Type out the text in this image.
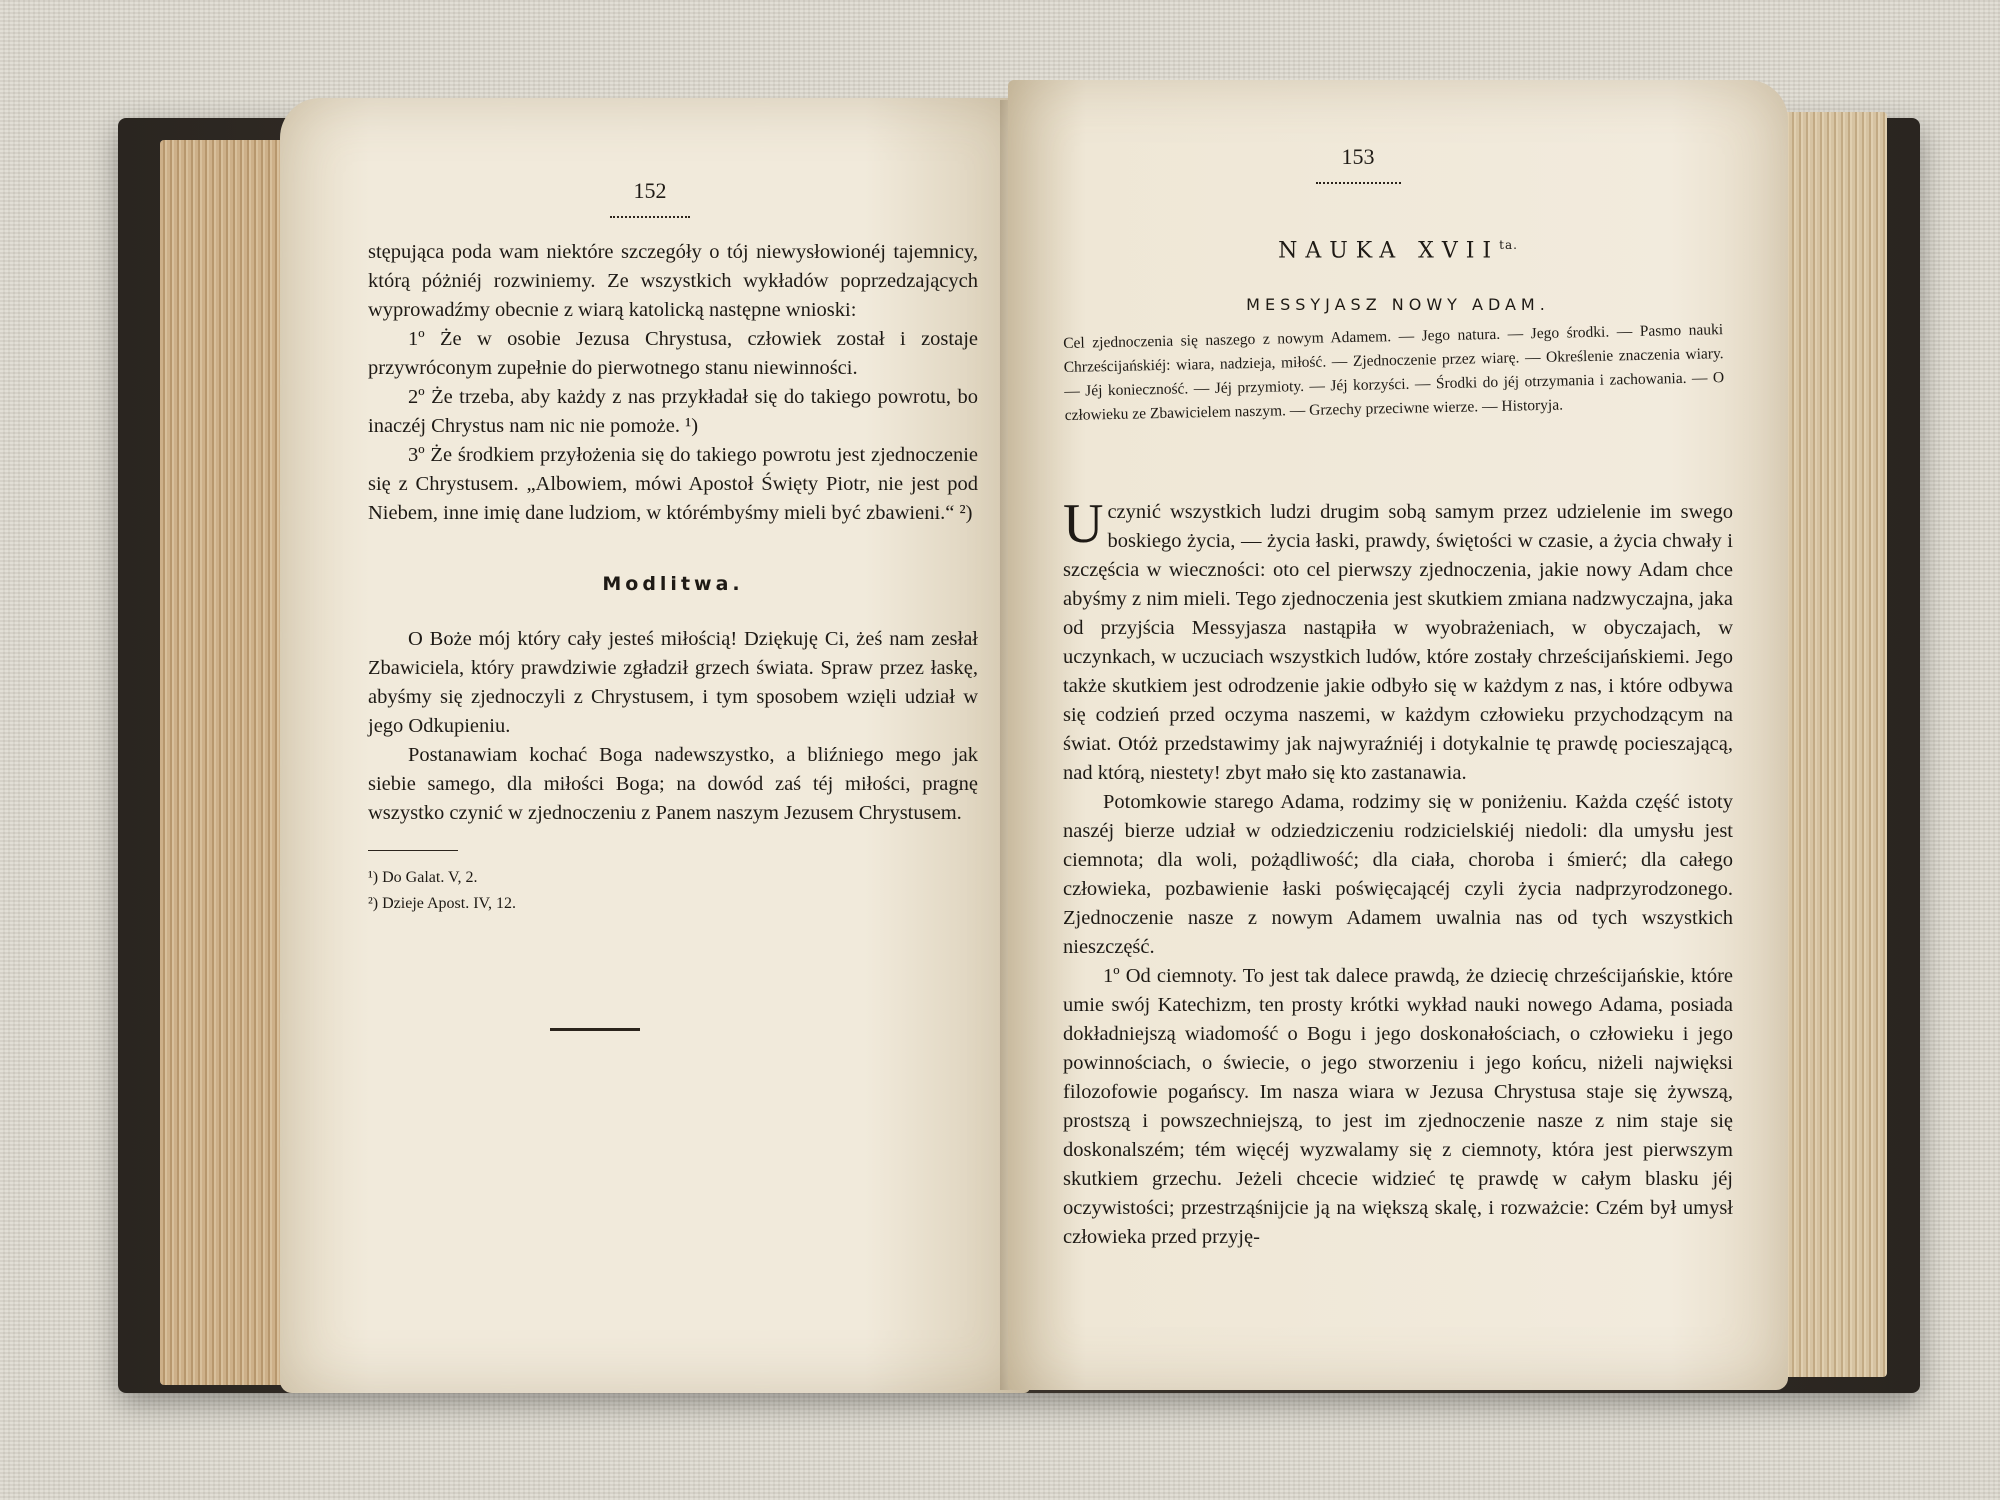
152

stępująca poda wam niektóre szczegóły o tój niewysłowionéj tajemnicy, którą póżniéj rozwiniemy. Ze wszystkich wykładów poprzedzających wyprowadźmy obecnie z wiarą katolicką następne wnioski:

1º Że w osobie Jezusa Chrystusa, człowiek został i zostaje przywróconym zupełnie do pierwotnego stanu niewinności.

2º Że trzeba, aby każdy z nas przykładał się do takiego powrotu, bo inaczéj Chrystus nam nic nie pomoże. ¹)

3º Że środkiem przyłożenia się do takiego powrotu jest zjednoczenie się z Chrystusem. „Albowiem, mówi Apostoł Święty Piotr, nie jest pod Niebem, inne imię dane ludziom, w którémbyśmy mieli być zbawieni.“ ²)

Modlitwa.

O Boże mój który cały jesteś miłością! Dziękuję Ci, żeś nam zesłał Zbawiciela, który prawdziwie zgładził grzech świata. Spraw przez łaskę, abyśmy się zjednoczyli z Chrystusem, i tym sposobem wzięli udział w jego Odkupieniu.

Postanawiam kochać Boga nadewszystko, a bliźniego mego jak siebie samego, dla miłości Boga; na dowód zaś téj miłości, pragnę wszystko czynić w zjednoczeniu z Panem naszym Jezusem Chrystusem.

¹) Do Galat. V, 2.
²) Dzieje Apost. IV, 12.
153
NAUKA $XVII^{ta.}$
MESSYJASZ NOWY ADAM.
Cel zjednoczenia się naszego z nowym Adamem. — Jego natura. — Jego środki. — Pasmo nauki Chrześcijańskiéj: wiara, nadzieja, miłość. — Zjednoczenie przez wiarę. — Określenie znaczenia wiary. — Jéj konieczność. — Jéj przymioty. — Jéj korzyści. — Środki do jéj otrzymania i zachowania. — O człowieku ze Zbawicielem naszym. — Grzechy przeciwne wierze. — Historyja.

Uczynić wszystkich ludzi drugim sobą samym przez udzielenie im swego boskiego życia, — życia łaski, prawdy, świętości w czasie, a życia chwały i szczęścia w wieczności: oto cel pierwszy zjednoczenia, jakie nowy Adam chce abyśmy z nim mieli. Tego zjednoczenia jest skutkiem zmiana nadzwyczajna, jaka od przyjścia Messyjasza nastąpiła w wyobrażeniach, w obyczajach, w uczynkach, w uczuciach wszystkich ludów, które zostały chrześcijańskiemi. Jego także skutkiem jest odrodzenie jakie odbyło się w każdym z nas, i które odbywa się codzień przed oczyma naszemi, w każdym człowieku przychodzącym na świat. Otóż przedstawimy jak najwyraźniéj i dotykalnie tę prawdę pocieszającą, nad którą, niestety! zbyt mało się kto zastanawia.

Potomkowie starego Adama, rodzimy się w poniżeniu. Każda część istoty naszéj bierze udział w odziedziczeniu rodzicielskiéj niedoli: dla umysłu jest ciemnota; dla woli, pożądliwość; dla ciała, choroba i śmierć; dla całego człowieka, pozbawienie łaski poświęcającéj czyli życia nadprzyrodzonego. Zjednoczenie nasze z nowym Adamem uwalnia nas od tych wszystkich nieszczęść.

1º Od ciemnoty. To jest tak dalece prawdą, że dziecię chrześcijańskie, które umie swój Katechizm, ten prosty krótki wykład nauki nowego Adama, posiada dokładniejszą wiadomość o Bogu i jego doskonałościach, o człowieku i jego powinnościach, o świecie, o jego stworzeniu i jego końcu, niżeli najwięksi filozofowie pogańscy. Im nasza wiara w Jezusa Chrystusa staje się żywszą, prostszą i powszechniejszą, to jest im zjednoczenie nasze z nim staje się doskonalszém; tém więcéj wyzwalamy się z ciemnoty, która jest pierwszym skutkiem grzechu. Jeżeli chcecie widzieć tę prawdę w całym blasku jéj oczywistości; przestrząśnijcie ją na większą skalę, i rozważcie: Czém był umysł człowieka przed przyję-
